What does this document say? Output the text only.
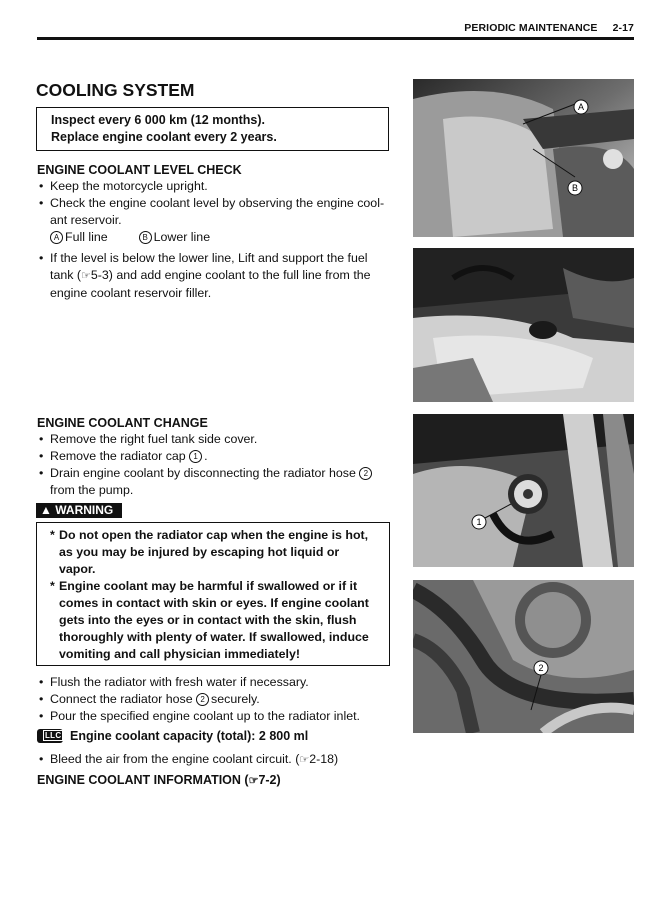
PERIODIC MAINTENANCE 2-17
COOLING SYSTEM
Inspect every 6 000 km (12 months).
Replace engine coolant every 2 years.
ENGINE COOLANT LEVEL CHECK
• Keep the motorcycle upright.
• Check the engine coolant level by observing the engine cool-
ant reservoir.
A Full line	B Lower line
• If the level is below the lower line, Lift and support the fuel
tank (☞5-3) and add engine coolant to the full line from the
engine coolant reservoir filler.
ENGINE COOLANT CHANGE
• Remove the right fuel tank side cover.
• Remove the radiator cap 1 .
• Drain engine coolant by disconnecting the radiator hose 2
from the pump.
▲ WARNING
* Do not open the radiator cap when the engine is hot,
as you may be injured by escaping hot liquid or
vapor.
* Engine coolant may be harmful if swallowed or if it
comes in contact with skin or eyes. If engine coolant
gets into the eyes or in contact with the skin, flush
thoroughly with plenty of water. If swallowed, induce
vomiting and call physician immediately!
• Flush the radiator with fresh water if necessary.
• Connect the radiator hose 2 securely.
• Pour the specified engine coolant up to the radiator inlet.
LLC Engine coolant capacity (total): 2 800 ml
• Bleed the air from the engine coolant circuit. (☞2-18)
ENGINE COOLANT INFORMATION (☞7-2)
A
B
1
2
